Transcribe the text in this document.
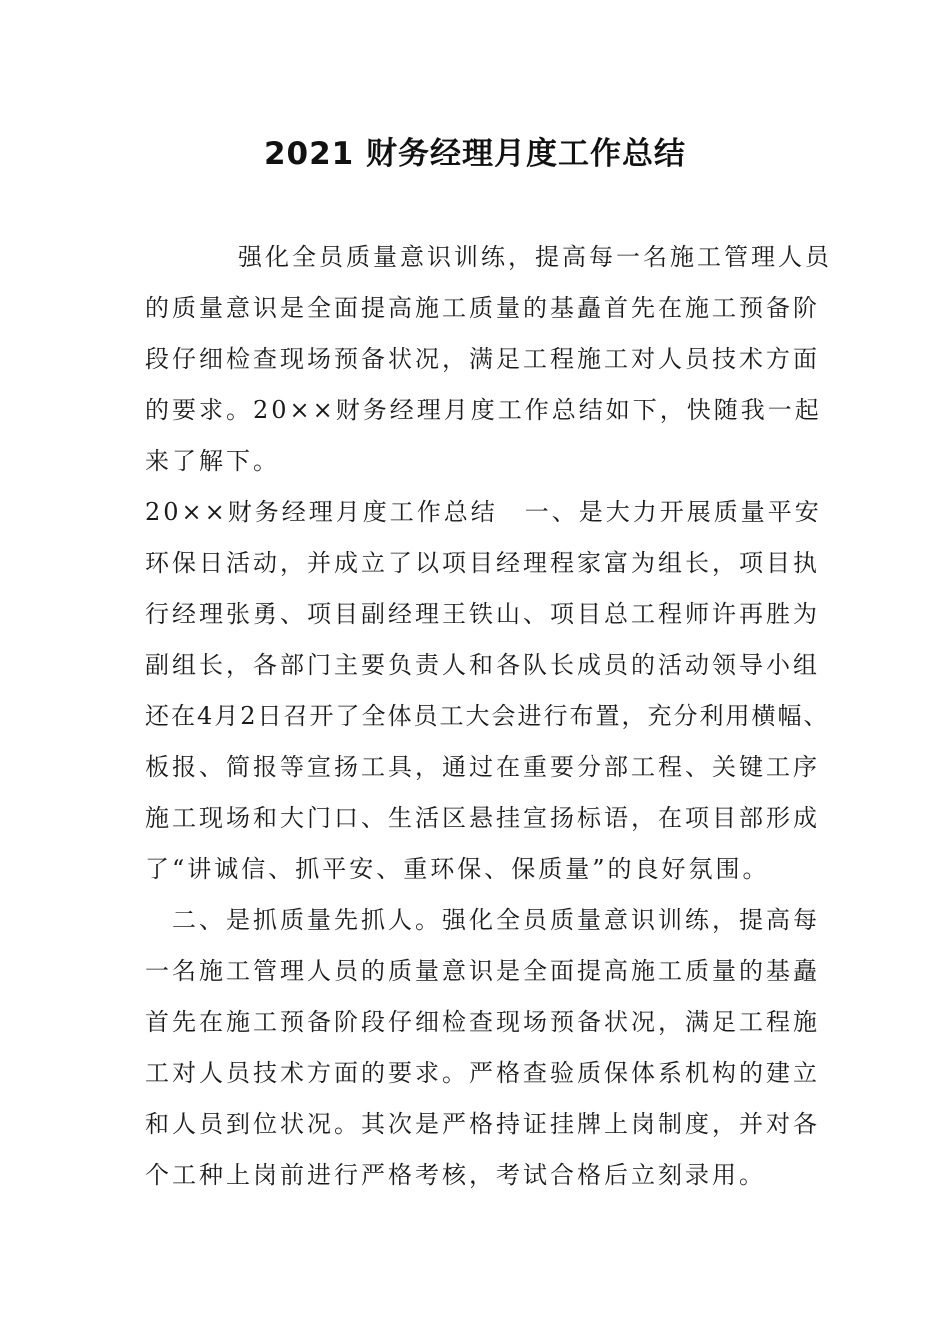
2021 财务经理月度工作总结

强化全员质量意识训练，提高每一名施工管理人员

的质量意识是全面提高施工质量的基矗首先在施工预备阶

段仔细检查现场预备状况，满足工程施工对人员技术方面

的要求。20××财务经理月度工作总结如下，快随我一起

来了解下。

20××财务经理月度工作总结　一、是大力开展质量平安

环保日活动，并成立了以项目经理程家富为组长，项目执

行经理张勇、项目副经理王铁山、项目总工程师许再胜为

副组长，各部门主要负责人和各队长成员的活动领导小组

还在4月2日召开了全体员工大会进行布置，充分利用横幅、

板报、简报等宣扬工具，通过在重要分部工程、关键工序

施工现场和大门口、生活区悬挂宣扬标语，在项目部形成

了“讲诚信、抓平安、重环保、保质量”的良好氛围。

二、是抓质量先抓人。强化全员质量意识训练，提高每

一名施工管理人员的质量意识是全面提高施工质量的基矗

首先在施工预备阶段仔细检查现场预备状况，满足工程施

工对人员技术方面的要求。严格查验质保体系机构的建立

和人员到位状况。其次是严格持证挂牌上岗制度，并对各

个工种上岗前进行严格考核，考试合格后立刻录用。
